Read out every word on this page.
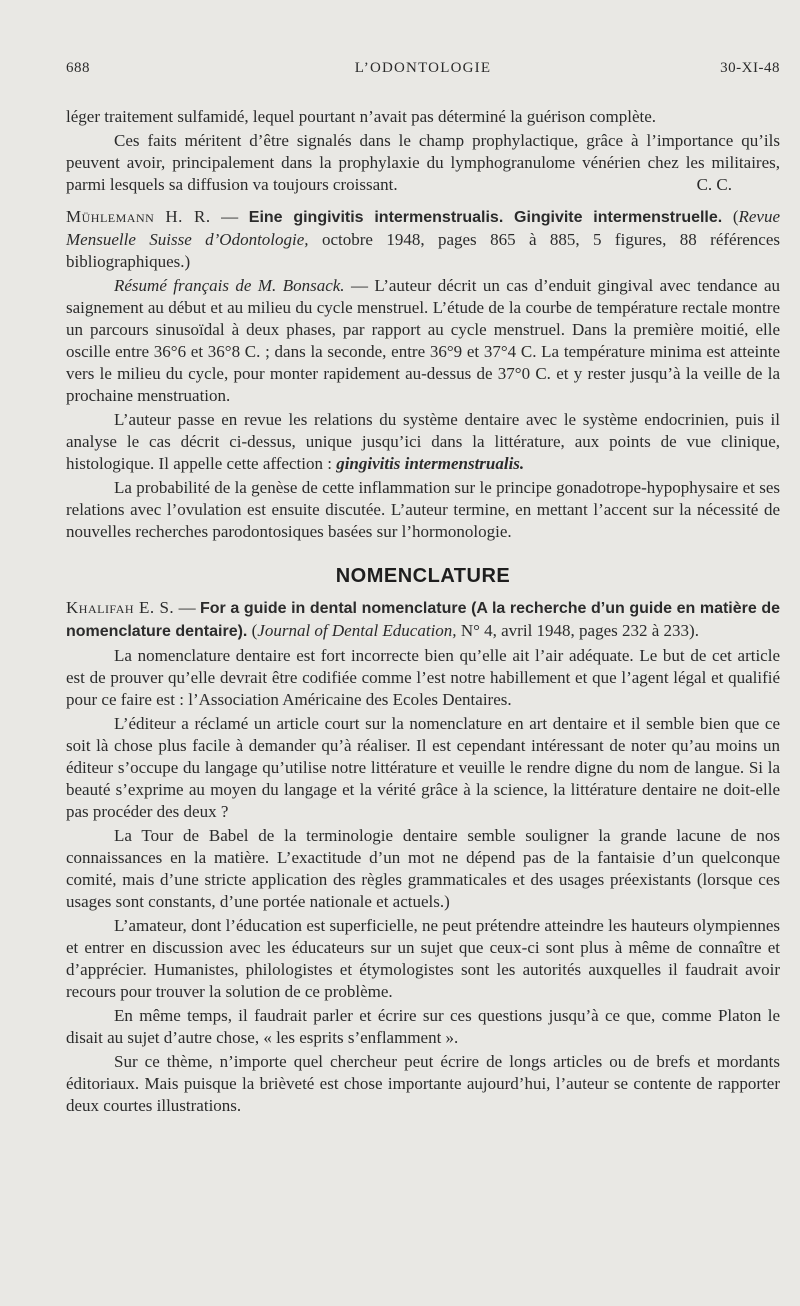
688	L’ODONTOLOGIE	30-XI-48

léger traitement sulfamidé, lequel pourtant n’avait pas déterminé la guérison complète.

Ces faits méritent d’être signalés dans le champ prophylactique, grâce à l’importance qu’ils peuvent avoir, principalement dans la prophylaxie du lymphogranulome vénérien chez les militaires, parmi lesquels sa diffusion va toujours croissant.	C. C.

Mühlemann H. R. — Eine gingivitis intermenstrualis. Gingivite intermenstruelle. (Revue Mensuelle Suisse d’Odontologie, octobre 1948, pages 865 à 885, 5 figures, 88 références bibliographiques.)

Résumé français de M. Bonsack. — L’auteur décrit un cas d’enduit gingival avec tendance au saignement au début et au milieu du cycle menstruel. L’étude de la courbe de température rectale montre un parcours sinusoïdal à deux phases, par rapport au cycle menstruel. Dans la première moitié, elle oscille entre 36°6 et 36°8 C. ; dans la seconde, entre 36°9 et 37°4 C. La température minima est atteinte vers le milieu du cycle, pour monter rapidement au-dessus de 37°0 C. et y rester jusqu’à la veille de la prochaine menstruation.

L’auteur passe en revue les relations du système dentaire avec le système endocrinien, puis il analyse le cas décrit ci-dessus, unique jusqu’ici dans la littérature, aux points de vue clinique, histologique. Il appelle cette affection : gingivitis intermenstrualis.

La probabilité de la genèse de cette inflammation sur le principe gonadotrope-hypophysaire et ses relations avec l’ovulation est ensuite discutée. L’auteur termine, en mettant l’accent sur la nécessité de nouvelles recherches parodontosiques basées sur l’hormonologie.

NOMENCLATURE

Khalifah E. S. — For a guide in dental nomenclature (A la recherche d’un guide en matière de nomenclature dentaire). (Journal of Dental Education, N° 4, avril 1948, pages 232 à 233).

La nomenclature dentaire est fort incorrecte bien qu’elle ait l’air adéquate. Le but de cet article est de prouver qu’elle devrait être codifiée comme l’est notre habillement et que l’agent légal et qualifié pour ce faire est : l’Association Américaine des Ecoles Dentaires.

L’éditeur a réclamé un article court sur la nomenclature en art dentaire et il semble bien que ce soit là chose plus facile à demander qu’à réaliser. Il est cependant intéressant de noter qu’au moins un éditeur s’occupe du langage qu’utilise notre littérature et veuille le rendre digne du nom de langue. Si la beauté s’exprime au moyen du langage et la vérité grâce à la science, la littérature dentaire ne doit-elle pas procéder des deux ?

La Tour de Babel de la terminologie dentaire semble souligner la grande lacune de nos connaissances en la matière. L’exactitude d’un mot ne dépend pas de la fantaisie d’un quelconque comité, mais d’une stricte application des règles grammaticales et des usages préexistants (lorsque ces usages sont constants, d’une portée nationale et actuels.)

L’amateur, dont l’éducation est superficielle, ne peut prétendre atteindre les hauteurs olympiennes et entrer en discussion avec les éducateurs sur un sujet que ceux-ci sont plus à même de connaître et d’apprécier. Humanistes, philologistes et étymologistes sont les autorités auxquelles il faudrait avoir recours pour trouver la solution de ce problème.

En même temps, il faudrait parler et écrire sur ces questions jusqu’à ce que, comme Platon le disait au sujet d’autre chose, « les esprits s’enflamment ».

Sur ce thème, n’importe quel chercheur peut écrire de longs articles ou de brefs et mordants éditoriaux. Mais puisque la brièveté est chose importante aujourd’hui, l’auteur se contente de rapporter deux courtes illustrations.
